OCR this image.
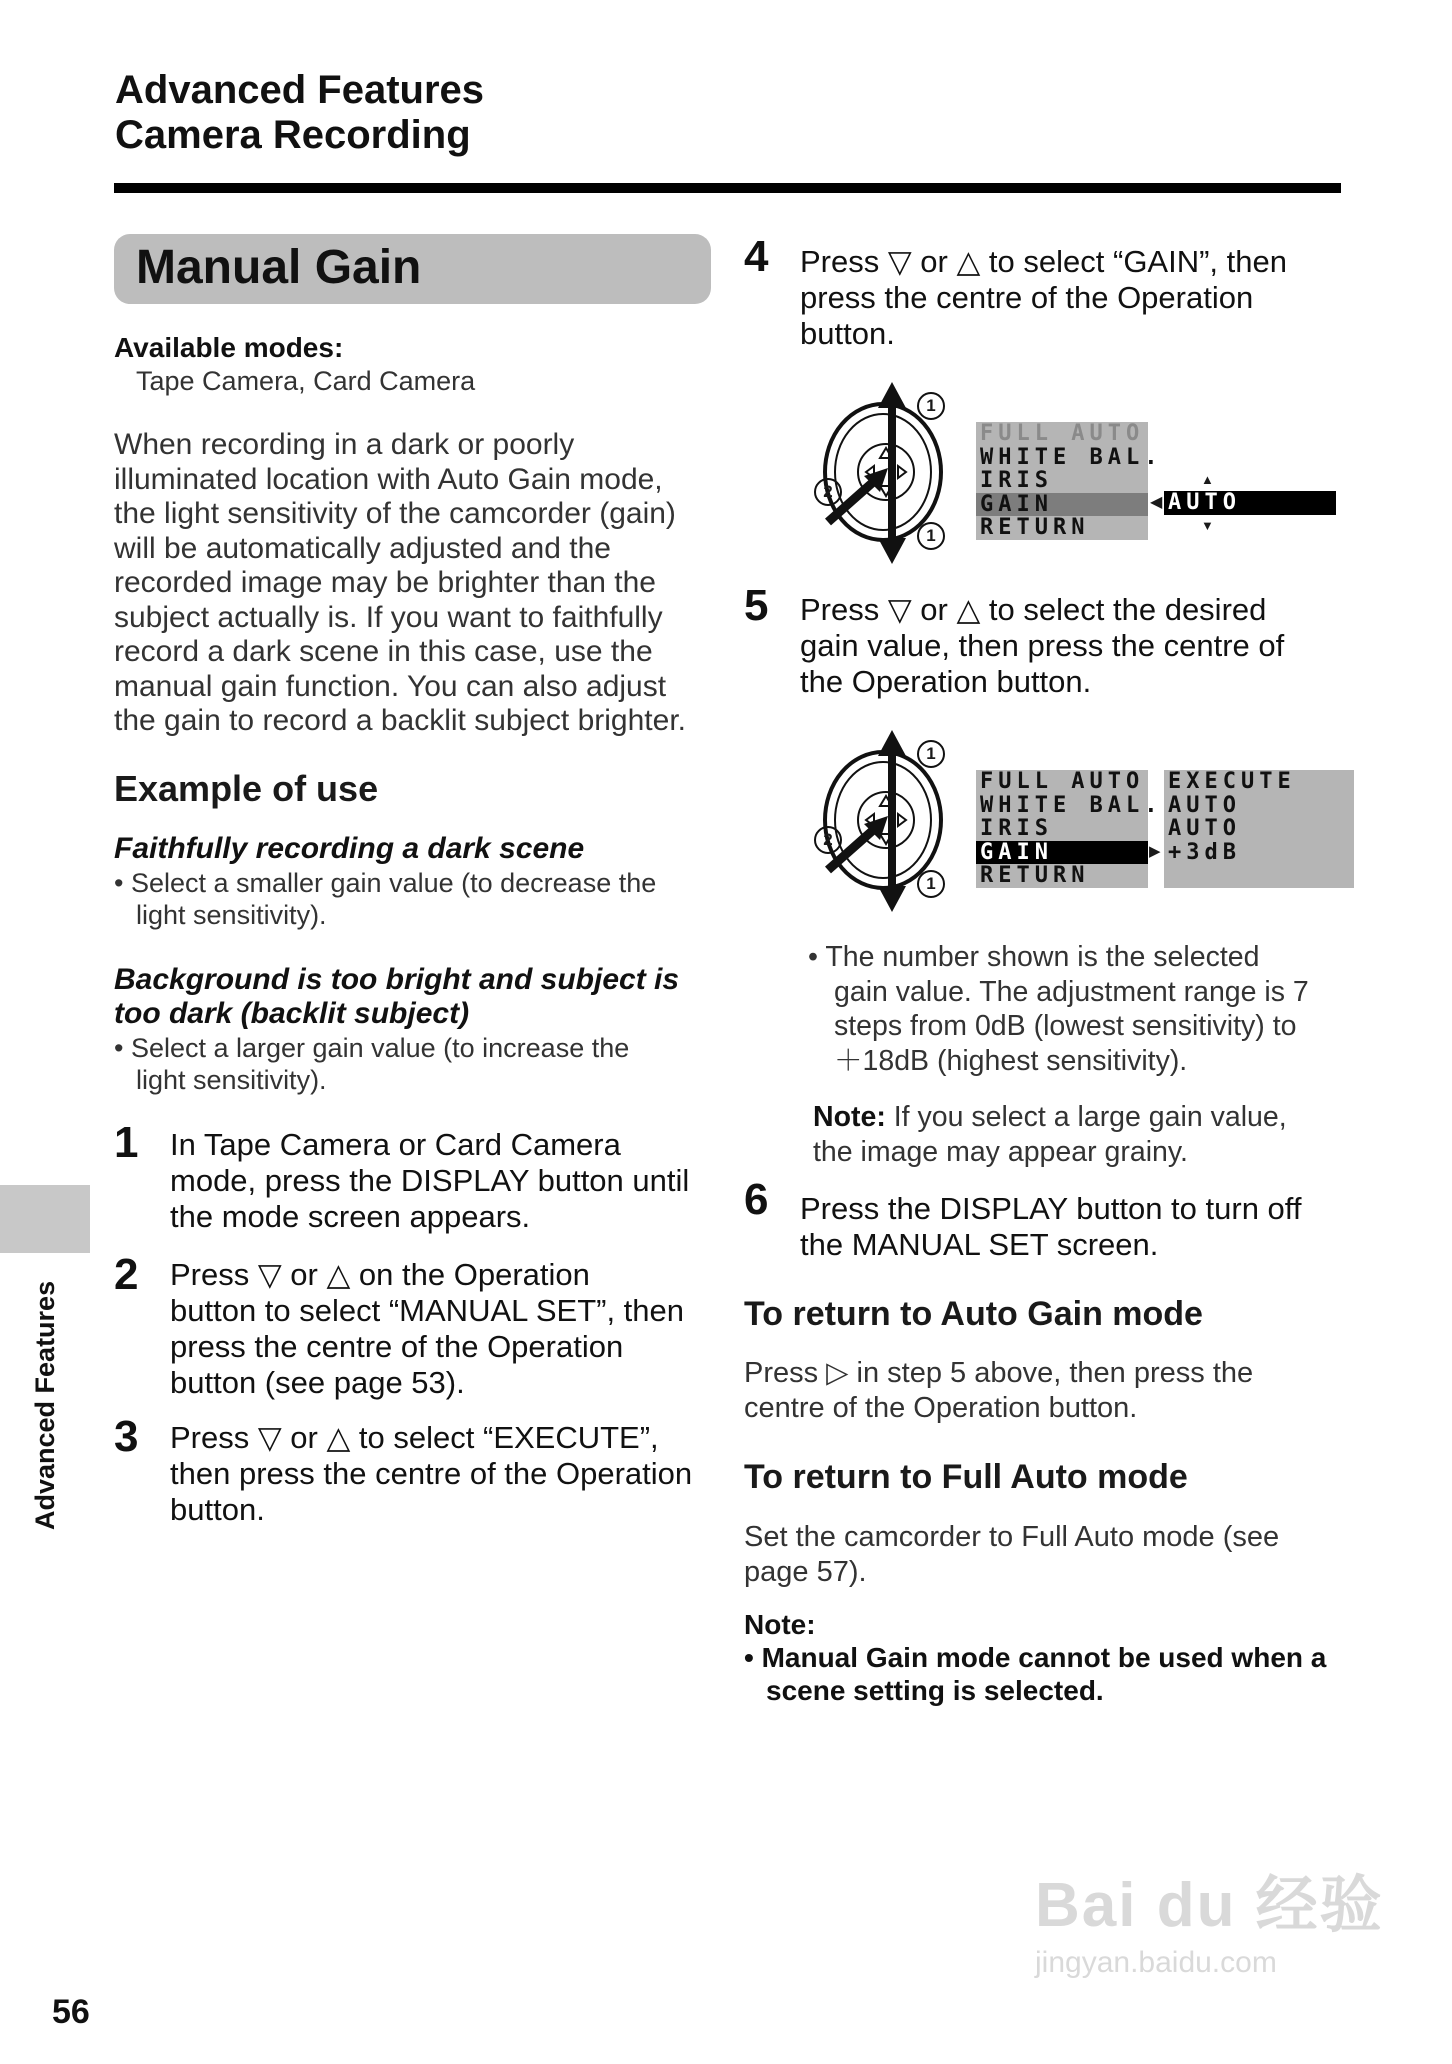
Advanced Features
Camera Recording
Manual Gain
Available modes:
Tape Camera, Card Camera
When recording in a dark or poorly
illuminated location with Auto Gain mode,
the light sensitivity of the camcorder (gain)
will be automatically adjusted and the
recorded image may be brighter than the
subject actually is. If you want to faithfully
record a dark scene in this case, use the
manual gain function. You can also adjust
the gain to record a backlit subject brighter.
Example of use
Faithfully recording a dark scene
• Select a smaller gain value (to decrease the
light sensitivity).
Background is too bright and subject is
too dark (backlit subject)
• Select a larger gain value (to increase the
light sensitivity).
1 In Tape Camera or Card Camera
mode, press the DISPLAY button until
the mode screen appears.
2 Press ▽ or △ on the Operation
button to select “MANUAL SET”, then
press the centre of the Operation
button (see page 53).
3 Press ▽ or △ to select “EXECUTE”,
then press the centre of the Operation
button.
4 Press ▽ or △ to select “GAIN”, then
press the centre of the Operation
button.
1
2
1
FULL AUTO
WHITE BAL.
IRIS
GAIN
RETURN
◀
▲
AUTO
▼
5 Press ▽ or △ to select the desired
gain value, then press the centre of
the Operation button.
1
2
1
FULL AUTO
WHITE BAL.
IRIS
GAIN
RETURN
▶
EXECUTE
AUTO
AUTO
+3dB
• The number shown is the selected
gain value. The adjustment range is 7
steps from 0dB (lowest sensitivity) to
＋18dB (highest sensitivity).
Note: If you select a large gain value,
the image may appear grainy.
6 Press the DISPLAY button to turn off
the MANUAL SET screen.
To return to Auto Gain mode
Press ▷ in step 5 above, then press the
centre of the Operation button.
To return to Full Auto mode
Set the camcorder to Full Auto mode (see
page 57).
Note:
• Manual Gain mode cannot be used when a
scene setting is selected.
Advanced Features
56
Bai du 经验
jingyan.baidu.com
